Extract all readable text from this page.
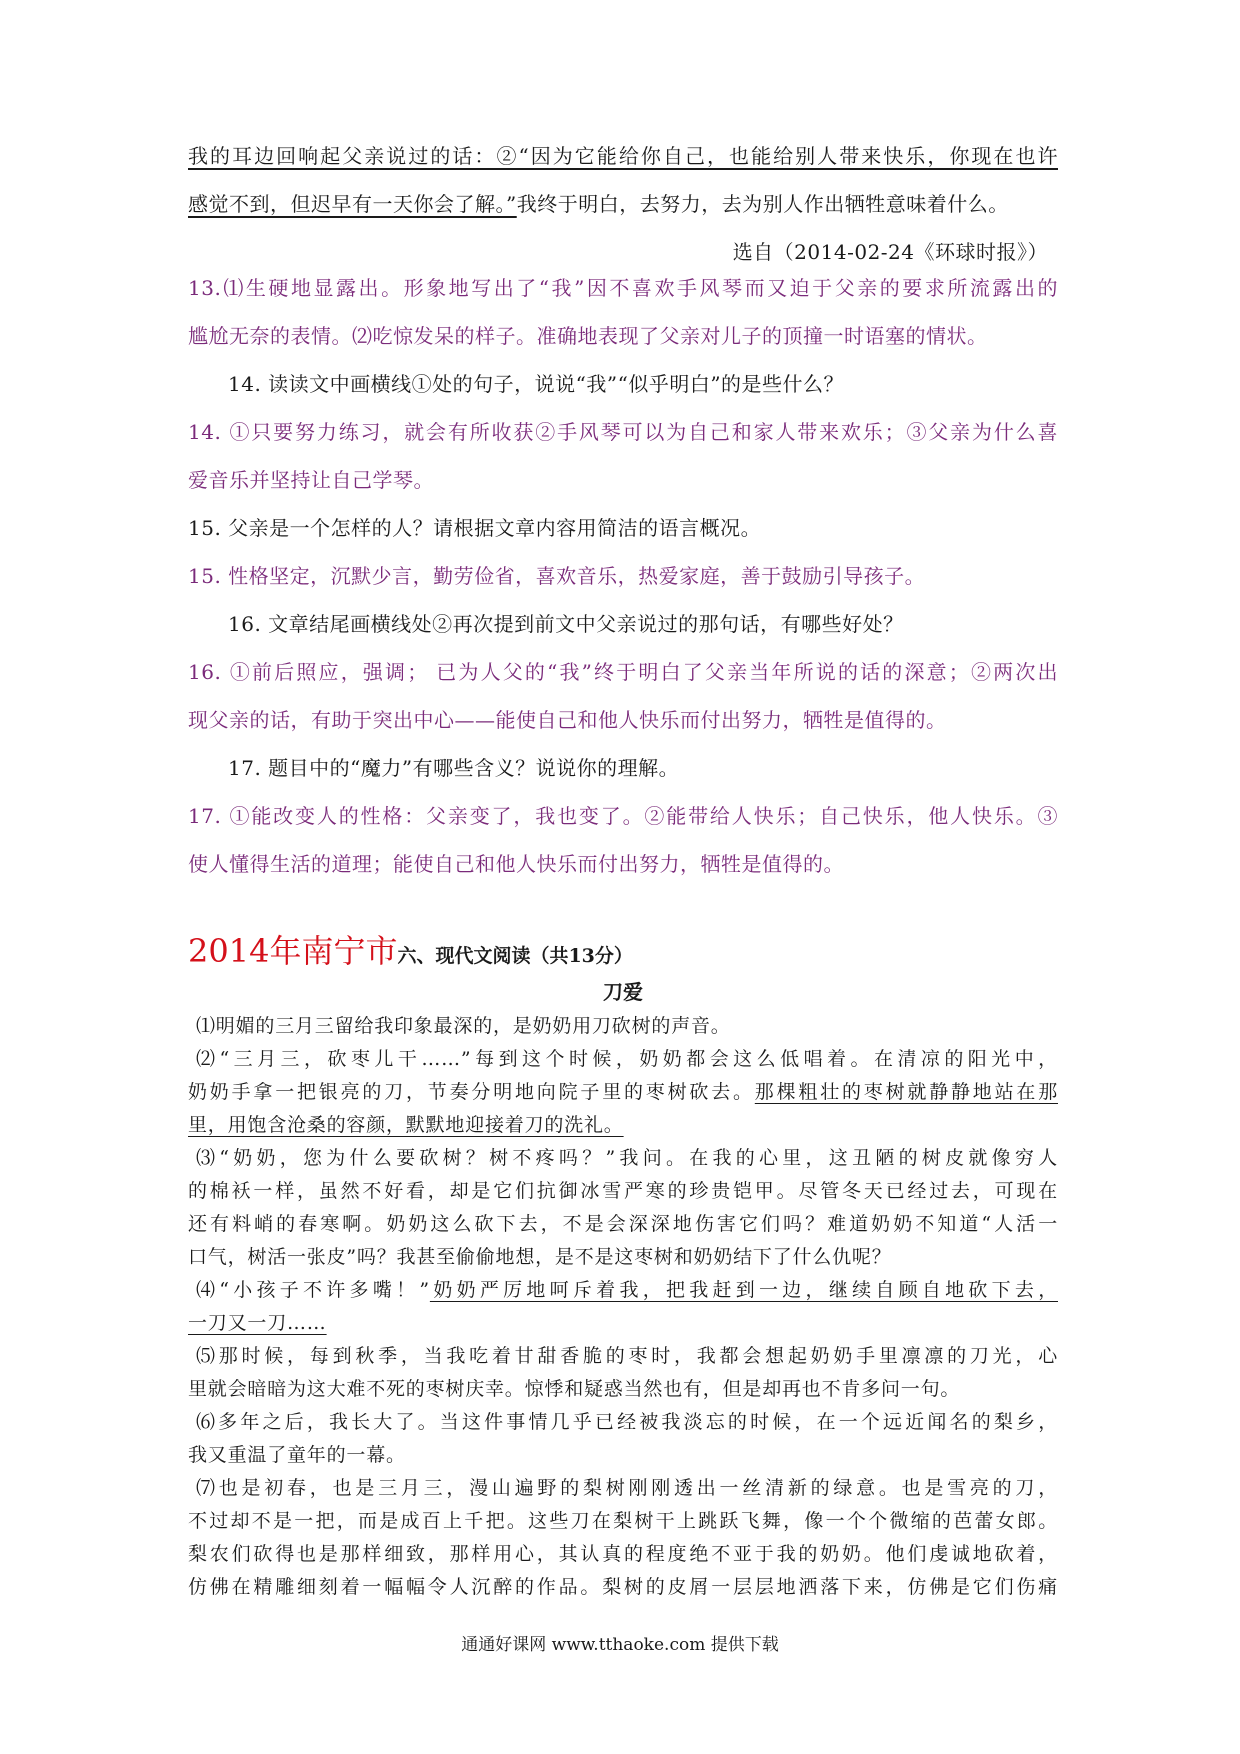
我的耳边回响起父亲说过的话：②“因为它能给你自己，也能给别人带来快乐，你现在也许
感觉不到，但迟早有一天你会了解。”我终于明白，去努力，去为别人作出牺牲意味着什么。
选自（2014-02-24《环球时报》）
13.⑴生硬地显露出。形象地写出了“我”因不喜欢手风琴而又迫于父亲的要求所流露出的
尴尬无奈的表情。⑵吃惊发呆的样子。准确地表现了父亲对儿子的顶撞一时语塞的情状。
14. 读读文中画横线①处的句子，说说“我”“似乎明白”的是些什么？
14. ①只要努力练习，就会有所收获②手风琴可以为自己和家人带来欢乐；③父亲为什么喜
爱音乐并坚持让自己学琴。
15. 父亲是一个怎样的人？请根据文章内容用简洁的语言概况。
15. 性格坚定，沉默少言，勤劳俭省，喜欢音乐，热爱家庭，善于鼓励引导孩子。
16. 文章结尾画横线处②再次提到前文中父亲说过的那句话，有哪些好处？
16. ①前后照应，强调； 已为人父的“我”终于明白了父亲当年所说的话的深意；②两次出
现父亲的话，有助于突出中心——能使自己和他人快乐而付出努力，牺牲是值得的。
17. 题目中的“魔力”有哪些含义？说说你的理解。
17. ①能改变人的性格：父亲变了，我也变了。②能带给人快乐；自己快乐，他人快乐。③
使人懂得生活的道理；能使自己和他人快乐而付出努力，牺牲是值得的。
2014年南宁市六、现代文阅读（共13分）
刀爱
⑴明媚的三月三留给我印象最深的，是奶奶用刀砍树的声音。
⑵“三月三，砍枣儿干……”每到这个时候，奶奶都会这么低唱着。在清凉的阳光中，
奶奶手拿一把银亮的刀，节奏分明地向院子里的枣树砍去。那棵粗壮的枣树就静静地站在那
里，用饱含沧桑的容颜，默默地迎接着刀的洗礼。
⑶“奶奶，您为什么要砍树？树不疼吗？”我问。在我的心里，这丑陋的树皮就像穷人
的棉袄一样，虽然不好看，却是它们抗御冰雪严寒的珍贵铠甲。尽管冬天已经过去，可现在
还有料峭的春寒啊。奶奶这么砍下去，不是会深深地伤害它们吗？难道奶奶不知道“人活一
口气，树活一张皮”吗？我甚至偷偷地想，是不是这枣树和奶奶结下了什么仇呢？
⑷“小孩子不许多嘴！”奶奶严厉地呵斥着我，把我赶到一边，继续自顾自地砍下去，
一刀又一刀……
⑸那时候，每到秋季，当我吃着甘甜香脆的枣时，我都会想起奶奶手里凛凛的刀光，心
里就会暗暗为这大难不死的枣树庆幸。惊悸和疑惑当然也有，但是却再也不肯多问一句。
⑹多年之后，我长大了。当这件事情几乎已经被我淡忘的时候，在一个远近闻名的梨乡，
我又重温了童年的一幕。
⑺也是初春，也是三月三，漫山遍野的梨树刚刚透出一丝清新的绿意。也是雪亮的刀，
不过却不是一把，而是成百上千把。这些刀在梨树干上跳跃飞舞，像一个个微缩的芭蕾女郎。
梨农们砍得也是那样细致，那样用心，其认真的程度绝不亚于我的奶奶。他们虔诚地砍着，
仿佛在精雕细刻着一幅幅令人沉醉的作品。梨树的皮屑一层层地洒落下来，仿佛是它们伤痛
通通好课网 www.tthaoke.com 提供下载
